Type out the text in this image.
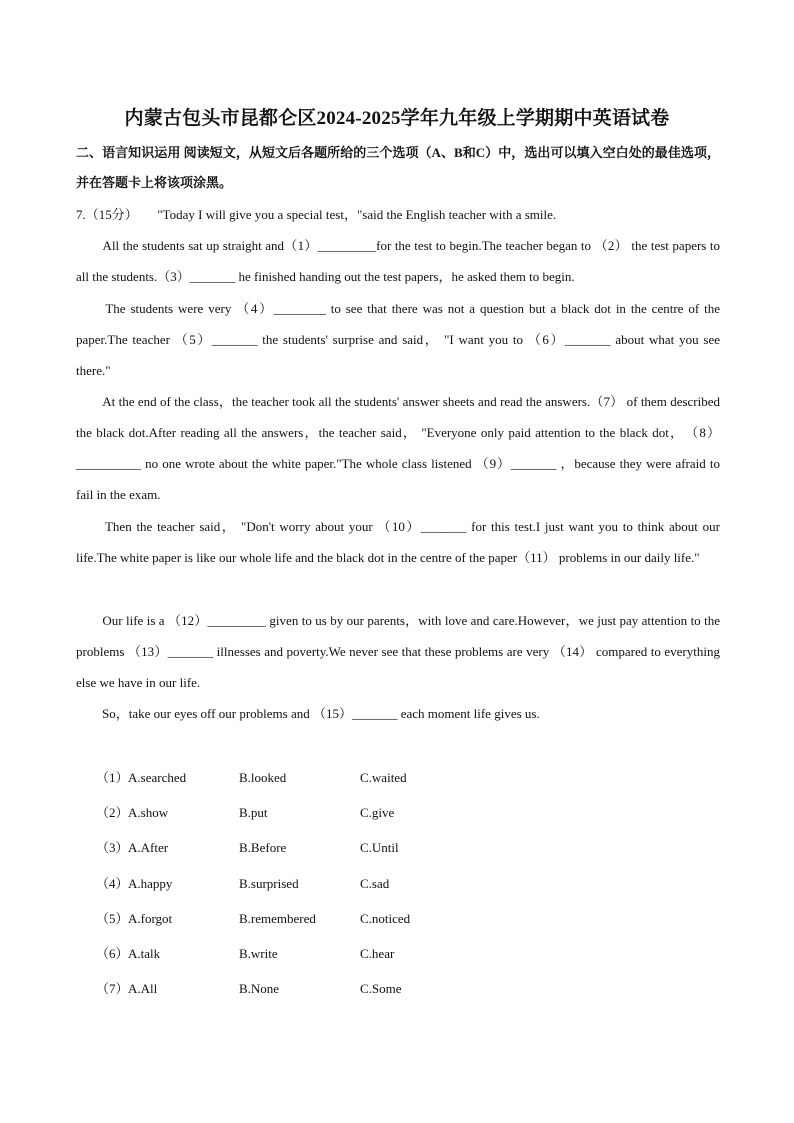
内蒙古包头市昆都仑区2024-2025学年九年级上学期期中英语试卷
二、语言知识运用 阅读短文，从短文后各题所给的三个选项（A、B和C）中，选出可以填入空白处的最佳选项，并在答题卡上将该项涂黑。
7.（15分）　　"Today I will give you a special test，"said the English teacher with a smile.
　　All the students sat up straight and（1）_________for the test to begin.The teacher began to （2） the test papers to all the students.（3）_______ he finished handing out the test papers，he asked them to begin.
　　The students were very （4）________ to see that there was not a question but a black dot in the centre of the paper.The teacher （5）_______ the students' surprise and said， "I want you to （6）_______ about what you see there."
　　At the end of the class，the teacher took all the students' answer sheets and read the answers.（7） of them described the black dot.After reading all the answers，the teacher said， "Everyone only paid attention to the black dot，　（8）__________ no one wrote about the white paper."The whole class listened （9）_______ ，because they were afraid to fail in the exam.
　　Then the teacher said， "Don't worry about your （10）_______ for this test.I just want you to think about our life.The white paper is like our whole life and the black dot in the centre of the paper（11） problems in our daily life."
　　Our life is a （12）_________ given to us by our parents，with love and care.However，we just pay attention to the problems （13）_______ illnesses and poverty.We never see that these problems are very （14） compared to everything else we have in our life.
　　So，take our eyes off our problems and （15）_______ each moment life gives us.
（1） A.searched	B.looked	C.waited
（2） A.show	B.put	C.give
（3） A.After	B.Before	C.Until
（4） A.happy	B.surprised	C.sad
（5） A.forgot	B.remembered	C.noticed
（6） A.talk	B.write	C.hear
（7） A.All	B.None	C.Some
